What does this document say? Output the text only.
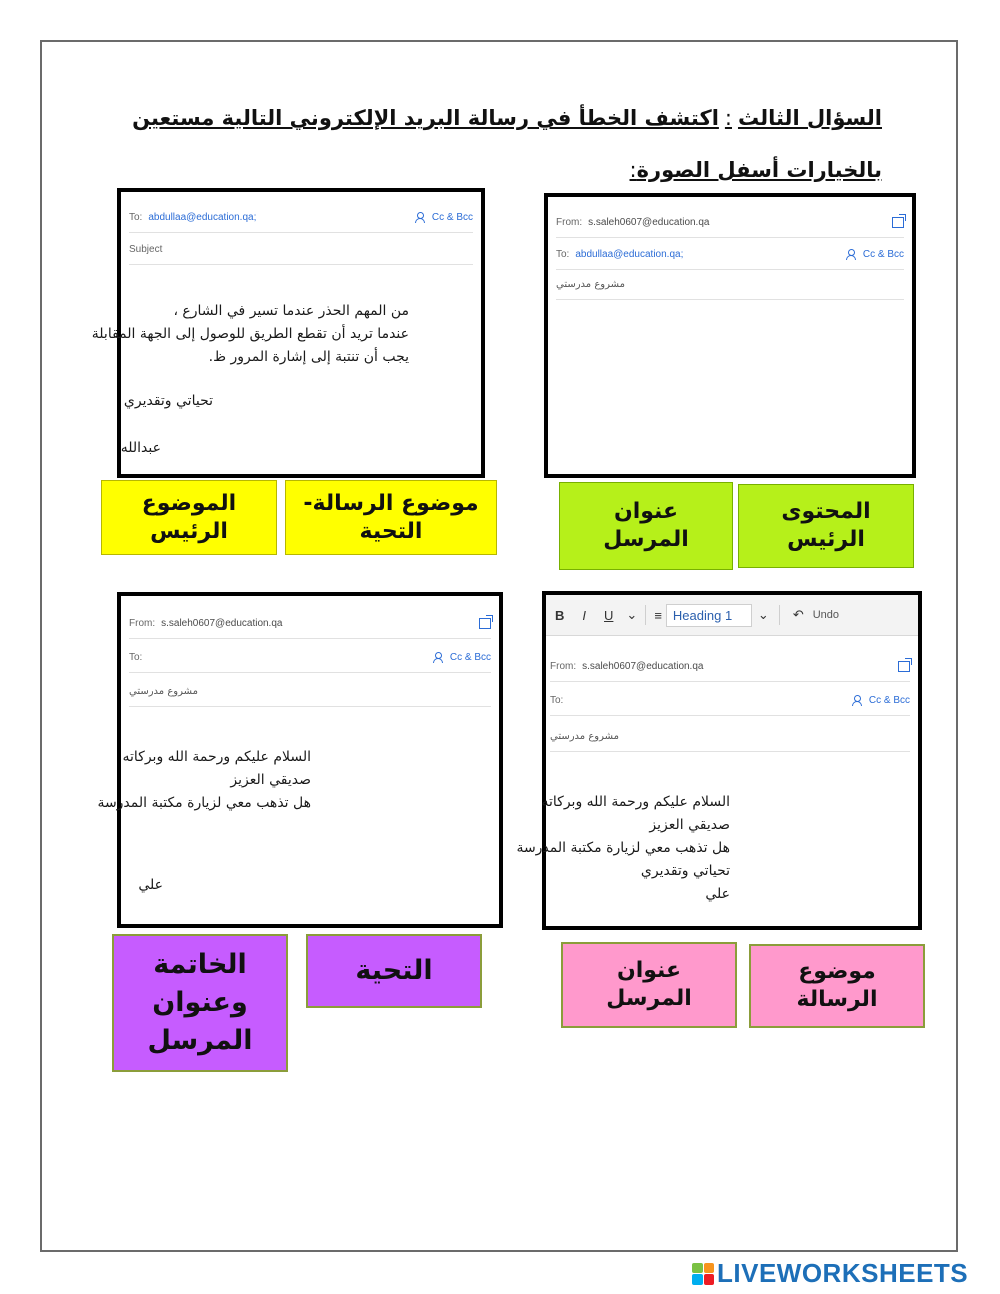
السؤال الثالث:اكتشف الخطأ في رسالة البريد الإلكتروني التالية مستعين
بالخيارات أسفل الصورة:
To: abdullaa@education.qa;	Cc & Bcc
Subject
من المهم الحذر عندما تسير في الشارع ،
عندما تريد أن تقطع الطريق للوصول إلى الجهة المقابلة
يجب أن تنتبة إلى إشارة المرور ظ.
تحياتي وتقديري
عبدالله
From: s.saleh0607@education.qa
To: abdullaa@education.qa;	Cc & Bcc
مشروع مدرستي
From: s.saleh0607@education.qa
To:	Cc & Bcc
مشروع مدرستي
السلام عليكم ورحمة الله وبركاته
صديقي العزيز
هل تذهب معي لزيارة مكتبة المدرسة
علي
B	I	U	⌄	≡ Heading 1	⌄	↶ Undo
From: s.saleh0607@education.qa
To:	Cc & Bcc
مشروع مدرستي
السلام عليكم ورحمة الله وبركاته
صديقي العزيز
هل تذهب معي لزيارة مكتبة المدرسة
تحياتي وتقديري
علي
الموضوع الرئيس
موضوع الرسالة- التحية
عنوان المرسل
المحتوى الرئيس
الخاتمة وعنوان المرسل
التحية	عنوان المرسل
موضوع الرسالة
LIVEWORKSHEETS
